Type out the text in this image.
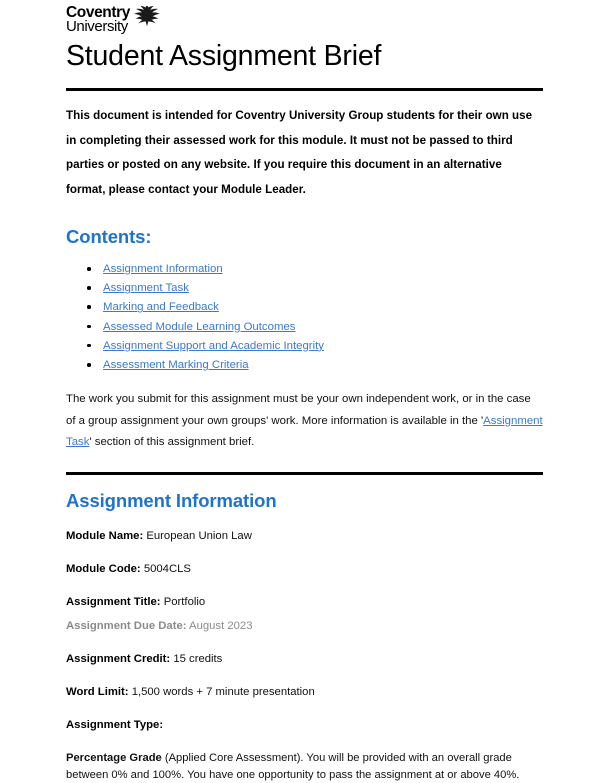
Coventry
University
Student Assignment Brief

This document is intended for Coventry University Group students for their own use in completing their assessed work for this module. It must not be passed to third parties or posted on any website. If you require this document in an alternative format, please contact your Module Leader.

Contents:
Assignment Information
Assignment Task
Marking and Feedback
Assessed Module Learning Outcomes
Assignment Support and Academic Integrity
Assessment Marking Criteria

The work you submit for this assignment must be your own independent work, or in the case of a group assignment your own groups' work. More information is available in the 'Assignment Task' section of this assignment brief.

Assignment Information

Module Name: European Union Law

Module Code: 5004CLS

Assignment Title: Portfolio

Assignment Due Date: August 2023

Assignment Credit: 15 credits

Word Limit: 1,500 words + 7 minute presentation

Assignment Type:

Percentage Grade (Applied Core Assessment). You will be provided with an overall grade between 0% and 100%. You have one opportunity to pass the assignment at or above 40%.
